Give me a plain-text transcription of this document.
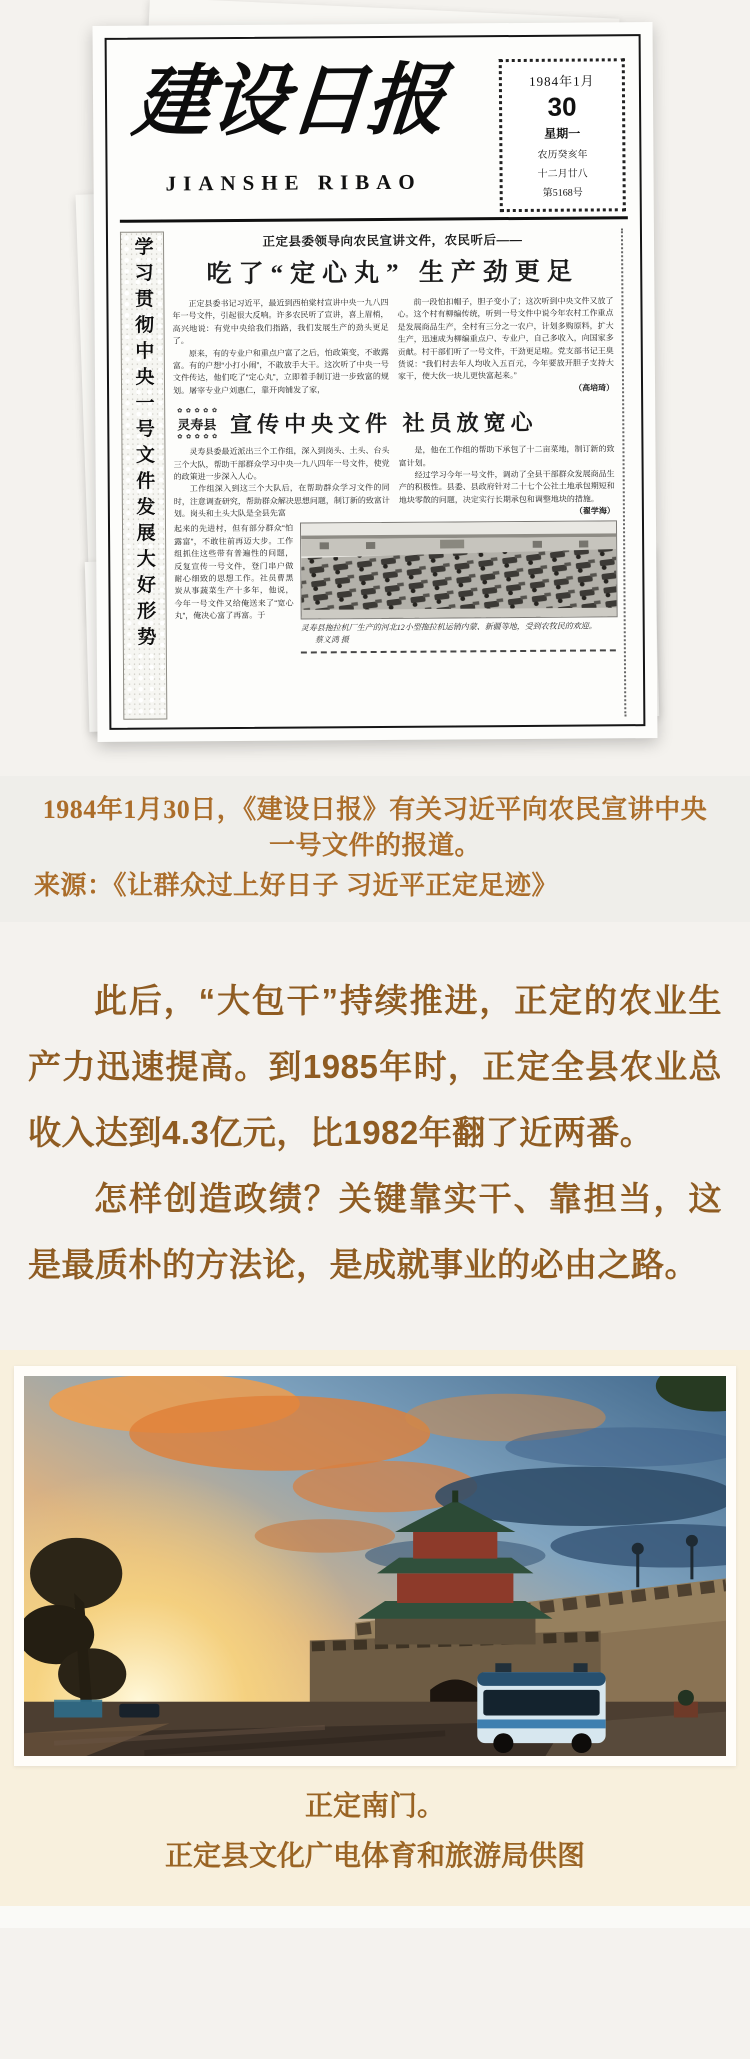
建设日报
JIANSHE RIBAO
1984年1月
30
星期一
农历癸亥年
十二月廿八
第5168号
学习贯彻中央一号文件发展大好形势	正定县委领导向农民宣讲文件，农民听后——
吃了“定心丸” 生产劲更足

正定县委书记习近平，最近到西柏棠村宣讲中央一九八四年一号文件，引起很大反响。许多农民听了宣讲，喜上眉梢，高兴地说：有党中央给我们指路，我们发展生产的劲头更足了。

原来，有的专业户和重点户富了之后，怕政策变，不敢露富。有的户想“小打小闹”，不敢放手大干。这次听了中央一号文件传达，他们吃了“定心丸”，立即着手制订进一步致富的规划。屠宰专业户刘惠仁，靠开肉铺发了家，

前一段怕扣帽子，胆子变小了；这次听到中央文件又放了心。这个村有柳编传统，听到一号文件中说今年农村工作重点是发展商品生产，全村有三分之一农户，计划多购原料，扩大生产，迅速成为柳编重点户、专业户，自己多收入，向国家多贡献。村干部们听了一号文件，干劲更足啦。党支部书记王臭货说：“我们村去年人均收入五百元，今年要放开胆子支持大家干，使大伙一块儿更快富起来。”

（高培琦）

✿ ✿ ✿ ✿ ✿ 灵寿县 ✿ ✿ ✿ ✿ ✿ 宣传中央文件 社员放宽心

灵寿县委最近派出三个工作组，深入到岗头、土头、台头三个大队，帮助干部群众学习中央一九八四年一号文件，使党的政策进一步深入人心。

工作组深入到这三个大队后，在帮助群众学习文件的同时，注意调查研究，帮助群众解决思想问题，制订新的致富计划。岗头和土头大队是全县先富

是，他在工作组的帮助下承包了十二亩菜地，制订新的致富计划。

经过学习今年一号文件，调动了全县干部群众发展商品生产的积极性。县委、县政府针对二十七个公社土地承包期短和地块零散的问题，决定实行长期承包和调整地块的措施。

（翟学海）

起来的先进村，但有部分群众“怕露富”，不敢往前再迈大步。工作组抓住这些带有普遍性的问题，反复宣传一号文件，登门串户做耐心细致的思想工作。社员曹黑炭从事蔬菜生产十多年，他说，今年一号文件又给俺送来了“宽心丸”，俺决心富了再富。于
灵寿县拖拉机厂生产的河北12小型拖拉机运销内蒙、新疆等地，受到农牧民的欢迎。 蔡义鸿 摄
1984年1月30日，《建设日报》有关习近平向农民宣讲中央一号文件的报道。
来源：《让群众过上好日子 习近平正定足迹》

此后，“大包干”持续推进，正定的农业生产力迅速提高。到1985年时，正定全县农业总收入达到4.3亿元，比1982年翻了近两番。

怎样创造政绩？关键靠实干、靠担当，这是最质朴的方法论，是成就事业的必由之路。

正定南门。
正定县文化广电体育和旅游局供图
